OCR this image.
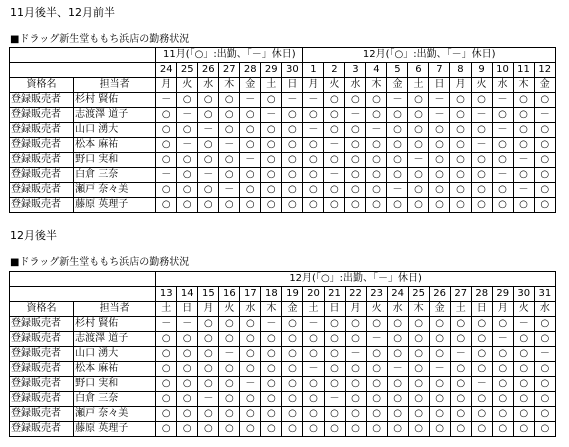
11月後半、12月前半
■ドラッグ新生堂ももち浜店の勤務状況
		11月(「○」:出勤、「－」休日)							12月(「○」:出勤、「－」休日)											
		24	25	26	27	28	29	30	1	2	3	4	5	6	7	8	9	10	11	12
資格名	担当者	月	火	水	木	金	土	日	月	火	水	木	金	土	日	月	火	水	木	金
登録販売者	杉村 賢佑	－	○	○	○	－	○	－	－	○	○	○	－	○	－	○	○	－	○	○
登録販売者	志渡澤 道子	○	－	○	○	○	－	○	○	○	－	○	○	○	－	○	－	○	○	－
登録販売者	山口 湧大	○	○	－	○	○	○	○	－	○	○	－	○	○	○	○	○	－	○	○
登録販売者	松本 麻祐	○	－	○	－	○	○	○	○	－	○	○	○	○	○	○	－	○	○	○
登録販売者	野口 実和	○	○	○	○	－	○	○	○	○	○	○	○	－	○	○	○	○	－	○
登録販売者	白倉 三奈	－	○	－	○	○	○	○	○	－	○	○	○	○	○	○	○	－	○	○
登録販売者	瀬戸 奈々美	○	○	○	－	○	○	○	○	○	○	○	－	○	○	○	○	○	－	○
登録販売者	藤原 英理子	○	○	○	○	○	○	○	○	○	○	○	○	○	○	○	○	○	○	○
12月後半
■ドラッグ新生堂ももち浜店の勤務状況
		12月(「○」:出勤、「－」休日)																		
		13	14	15	16	17	18	19	20	21	22	23	24	25	26	27	28	29	30	31
資格名	担当者	土	日	月	火	水	木	金	土	日	月	火	水	木	金	土	日	月	火	水
登録販売者	杉村 賢佑	－	－	○	○	○	－	○	－	○	○	○	○	○	○	○	○	○	－	○
登録販売者	志渡澤 道子	○	○	○	○	○	○	○	○	○	○	－	○	○	○	○	○	－	○	○
登録販売者	山口 湧大	○	○	○	－	○	○	○	○	○	－	○	○	○	○	－	○	○	○	－
登録販売者	松本 麻祐	○	○	○	○	○	○	○	－	○	○	○	－	○	－	○	○	○	○	○
登録販売者	野口 実和	○	○	○	○	－	○	○	○	○	○	○	○	○	○	○	－	○	○	○
登録販売者	白倉 三奈	○	○	－	○	○	○	○	○	－	○	○	○	○	○	○	○	○	○	○
登録販売者	瀬戸 奈々美	○	○	○	○	○	○	○	○	○	○	○	○	○	○	○	○	○	○	○
登録販売者	藤原 英理子	○	○	○	○	○	○	○	○	○	○	○	○	○	○	○	○	○	○	○
